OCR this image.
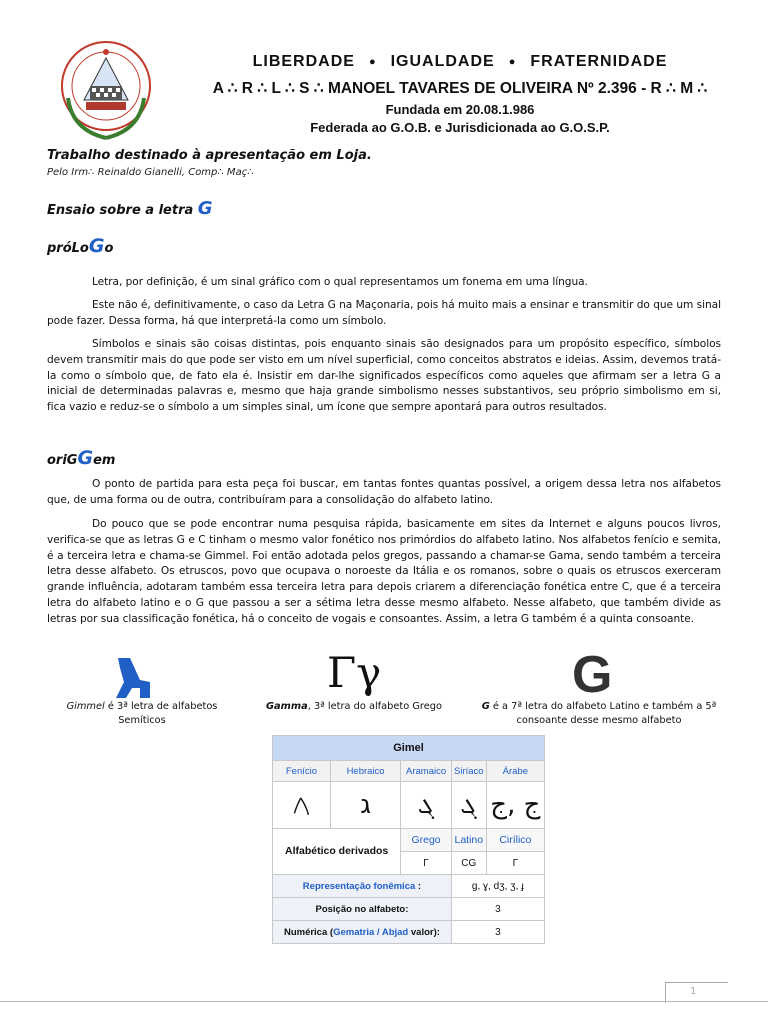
LIBERDADE ● IGUALDADE ● FRATERNIDADE
A ∴ R ∴ L ∴ S ∴ MANOEL TAVARES DE OLIVEIRA Nº 2.396 - R ∴ M ∴
Fundada em 20.08.1.986
Federada ao G.O.B. e Jurisdicionada ao G.O.S.P.
Trabalho destinado à apresentação em Loja.
Pelo Irm∴ Reinaldo Gianelli, Comp∴ Maç∴
Ensaio sobre a letra G
próLoGo
Letra, por definição, é um sinal gráfico com o qual representamos um fonema em uma língua.
Este não é, definitivamente, o caso da Letra G na Maçonaria, pois há muito mais a ensinar e transmitir do que um sinal pode fazer. Dessa forma, há que interpretá-la como um símbolo.
Símbolos e sinais são coisas distintas, pois enquanto sinais são designados para um propósito específico, símbolos devem transmitir mais do que pode ser visto em um nível superficial, como conceitos abstratos e ideias. Assim, devemos tratá-la como o símbolo que, de fato ela é. Insistir em dar-lhe significados específicos como aqueles que afirmam ser a letra G a inicial de determinadas palavras e, mesmo que haja grande simbolismo nesses substantivos, seu próprio simbolismo em si, fica vazio e reduz-se o símbolo a um simples sinal, um ícone que sempre apontará para outros resultados.
oriGGem
O ponto de partida para esta peça foi buscar, em tantas fontes quantas possível, a origem dessa letra nos alfabetos que, de uma forma ou de outra, contribuíram para a consolidação do alfabeto latino.
Do pouco que se pode encontrar numa pesquisa rápida, basicamente em sites da Internet e alguns poucos livros, verifica-se que as letras G e C tinham o mesmo valor fonético nos primórdios do alfabeto latino. Nos alfabetos fenício e semita, é a terceira letra e chama-se Gimmel. Foi então adotada pelos gregos, passando a chamar-se Gama, sendo também a terceira letra desse alfabeto. Os etruscos, povo que ocupava o noroeste da Itália e os romanos, sobre o quais os etruscos exerceram grande influência, adotaram também essa terceira letra para depois criarem a diferenciação fonética entre C, que é a terceira letra do alfabeto latino e o G que passou a ser a sétima letra desse mesmo alfabeto. Nesse alfabeto, que também divide as letras por sua classificação fonética, há o conceito de vogais e consoantes. Assim, a letra G também é a quinta consoante.
Γγ	G
Gimmel é 3ª letra de alfabetos Semíticos
Gamma, 3ª letra do alfabeto Grego	G é a 7ª letra do alfabeto Latino e também a 5ª consoante desse mesmo alfabeto
Gimel				
Fenício	Hebraico	Aramaico	Siríaco	Árabe
𐤂	ג	ܓ	ܓ	ج ,ج
Alfabético derivados		Grego	Latino	Cirílico
		Γ	CG	Г
Representação fonêmica :			g, ɣ, dʒ, ʒ, ɟ	
Posição no alfabeto:			3	
Numérica (Gematria / Abjad valor):			3	
1
